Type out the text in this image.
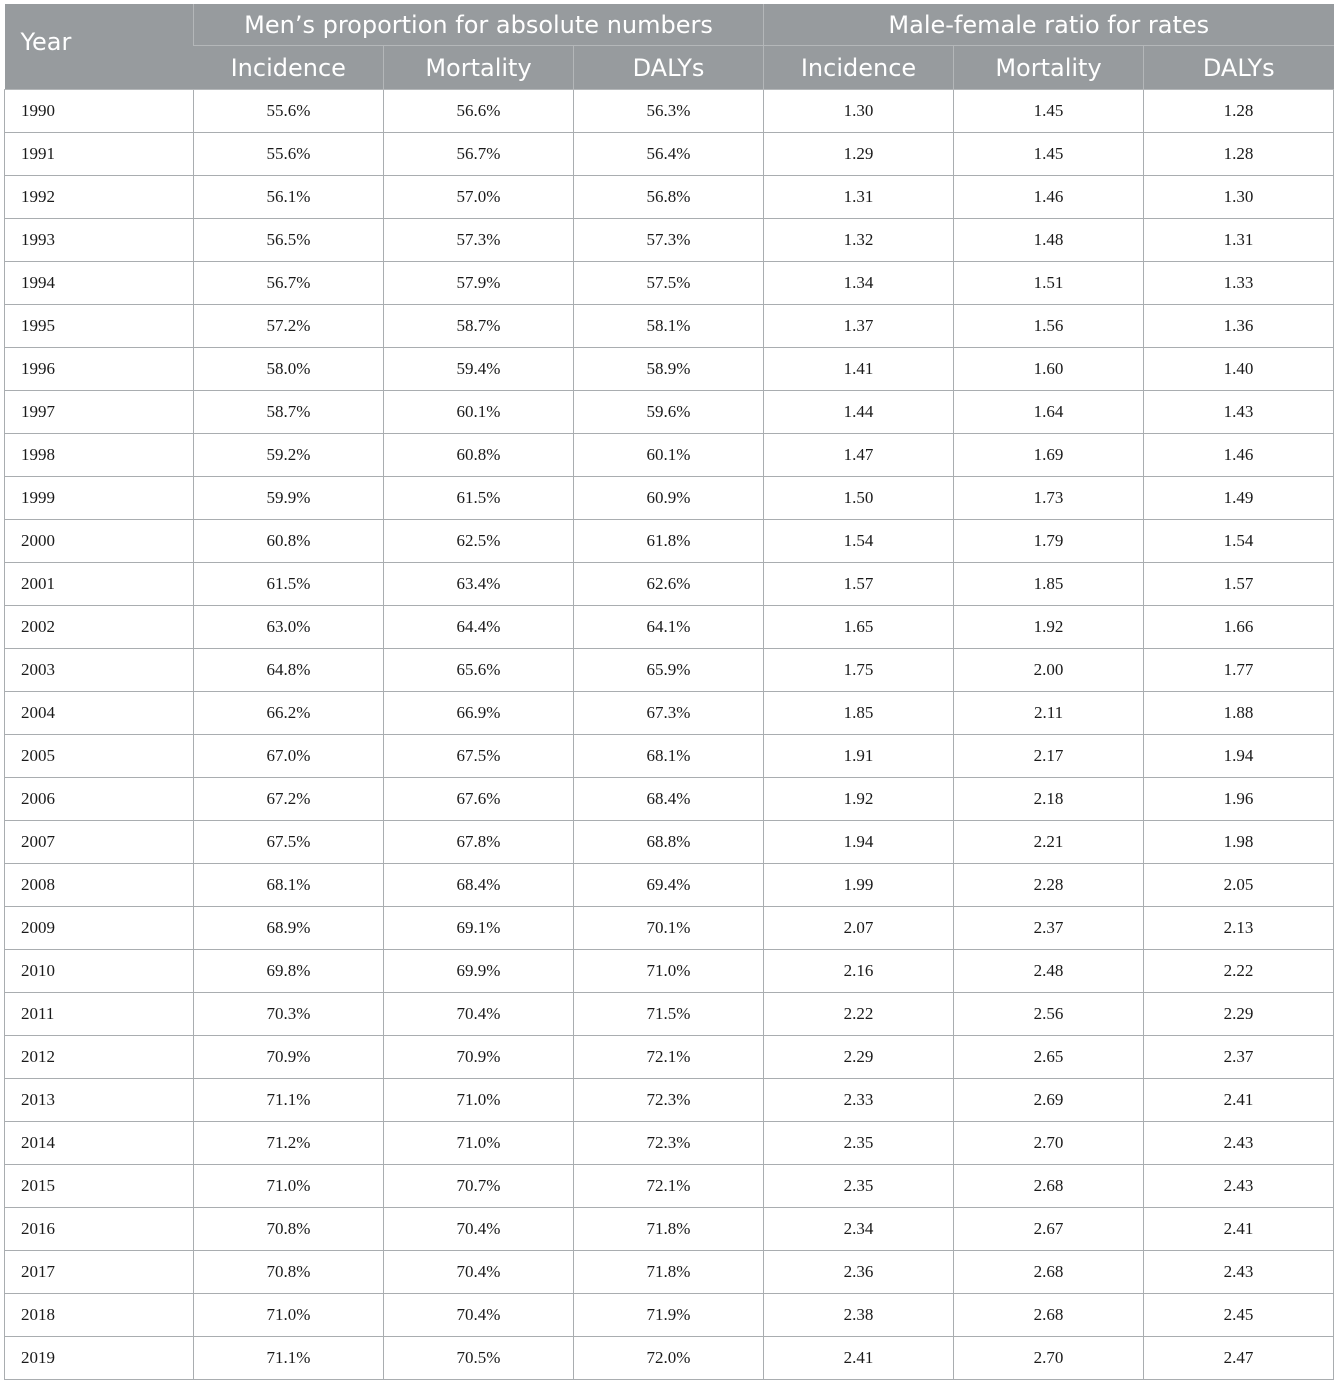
Year	Men’s proportion for absolute numbers			Male-female ratio for rates		
	Incidence	Mortality	DALYs	Incidence	Mortality	DALYs
1990	55.6%	56.6%	56.3%	1.30	1.45	1.28
1991	55.6%	56.7%	56.4%	1.29	1.45	1.28
1992	56.1%	57.0%	56.8%	1.31	1.46	1.30
1993	56.5%	57.3%	57.3%	1.32	1.48	1.31
1994	56.7%	57.9%	57.5%	1.34	1.51	1.33
1995	57.2%	58.7%	58.1%	1.37	1.56	1.36
1996	58.0%	59.4%	58.9%	1.41	1.60	1.40
1997	58.7%	60.1%	59.6%	1.44	1.64	1.43
1998	59.2%	60.8%	60.1%	1.47	1.69	1.46
1999	59.9%	61.5%	60.9%	1.50	1.73	1.49
2000	60.8%	62.5%	61.8%	1.54	1.79	1.54
2001	61.5%	63.4%	62.6%	1.57	1.85	1.57
2002	63.0%	64.4%	64.1%	1.65	1.92	1.66
2003	64.8%	65.6%	65.9%	1.75	2.00	1.77
2004	66.2%	66.9%	67.3%	1.85	2.11	1.88
2005	67.0%	67.5%	68.1%	1.91	2.17	1.94
2006	67.2%	67.6%	68.4%	1.92	2.18	1.96
2007	67.5%	67.8%	68.8%	1.94	2.21	1.98
2008	68.1%	68.4%	69.4%	1.99	2.28	2.05
2009	68.9%	69.1%	70.1%	2.07	2.37	2.13
2010	69.8%	69.9%	71.0%	2.16	2.48	2.22
2011	70.3%	70.4%	71.5%	2.22	2.56	2.29
2012	70.9%	70.9%	72.1%	2.29	2.65	2.37
2013	71.1%	71.0%	72.3%	2.33	2.69	2.41
2014	71.2%	71.0%	72.3%	2.35	2.70	2.43
2015	71.0%	70.7%	72.1%	2.35	2.68	2.43
2016	70.8%	70.4%	71.8%	2.34	2.67	2.41
2017	70.8%	70.4%	71.8%	2.36	2.68	2.43
2018	71.0%	70.4%	71.9%	2.38	2.68	2.45
2019	71.1%	70.5%	72.0%	2.41	2.70	2.47
